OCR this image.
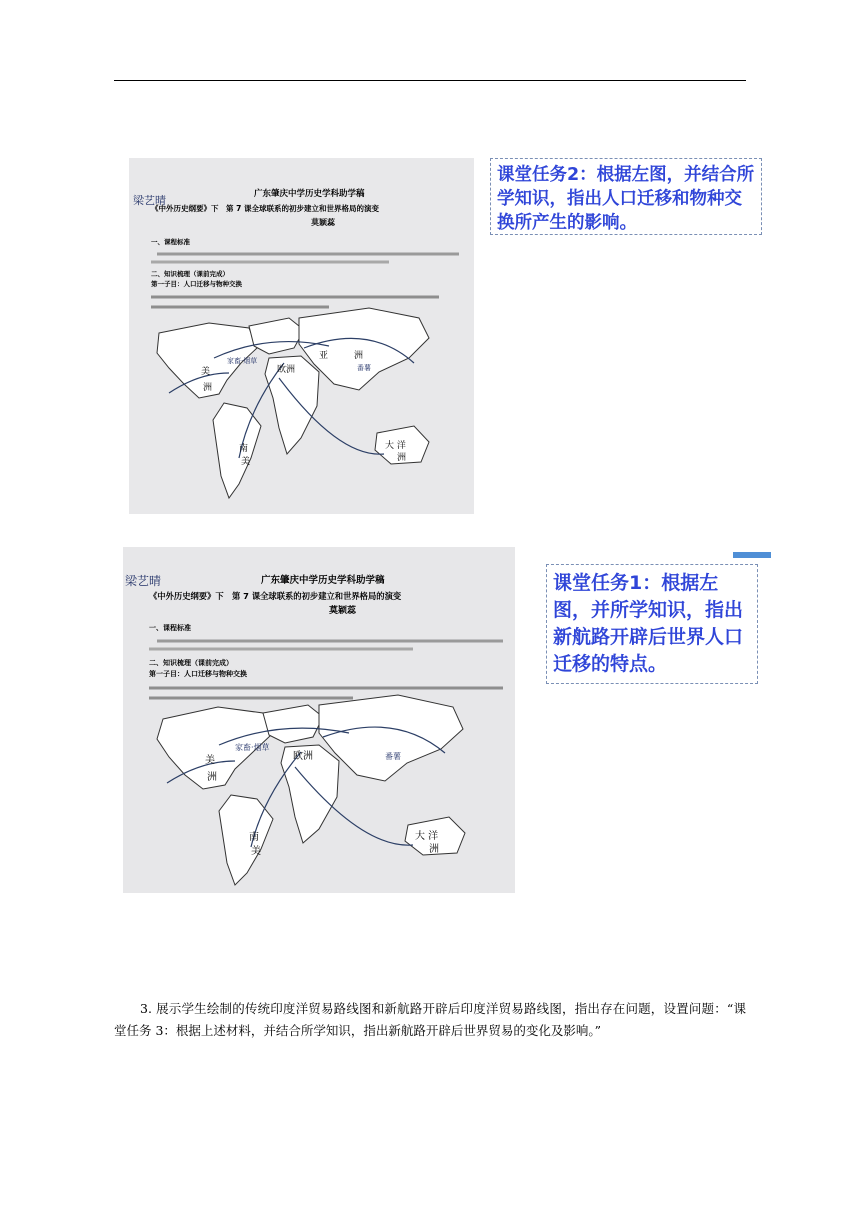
梁艺晴	广东肇庆中学历史学科助学稿
《中外历史纲要》下　第 7 课全球联系的初步建立和世界格局的演变
莫颖蕊
一、课程标准
二、知识梳理（课前完成）
第一子目：人口迁移与物种交换
美
洲
欧洲
亚	洲
家畜·烟草
番薯
南
美
大 洋
洲
课堂任务2：根据左图，并结合所学知识，指出人口迁移和物种交换所产生的影响。
梁艺晴	广东肇庆中学历史学科助学稿
《中外历史纲要》下　第 7 课全球联系的初步建立和世界格局的演变
莫颖蕊
一、课程标准
二、知识梳理（课前完成）
第一子目：人口迁移与物种交换
美
洲
欧洲
家畜·烟草
番薯
南
美
大 洋
洲
课堂任务1：根据左图，并所学知识，指出新航路开辟后世界人口迁移的特点。

3. 展示学生绘制的传统印度洋贸易路线图和新航路开辟后印度洋贸易路线图，指出存在问题，设置问题：“课堂任务 3：根据上述材料，并结合所学知识，指出新航路开辟后世界贸易的变化及影响。”
